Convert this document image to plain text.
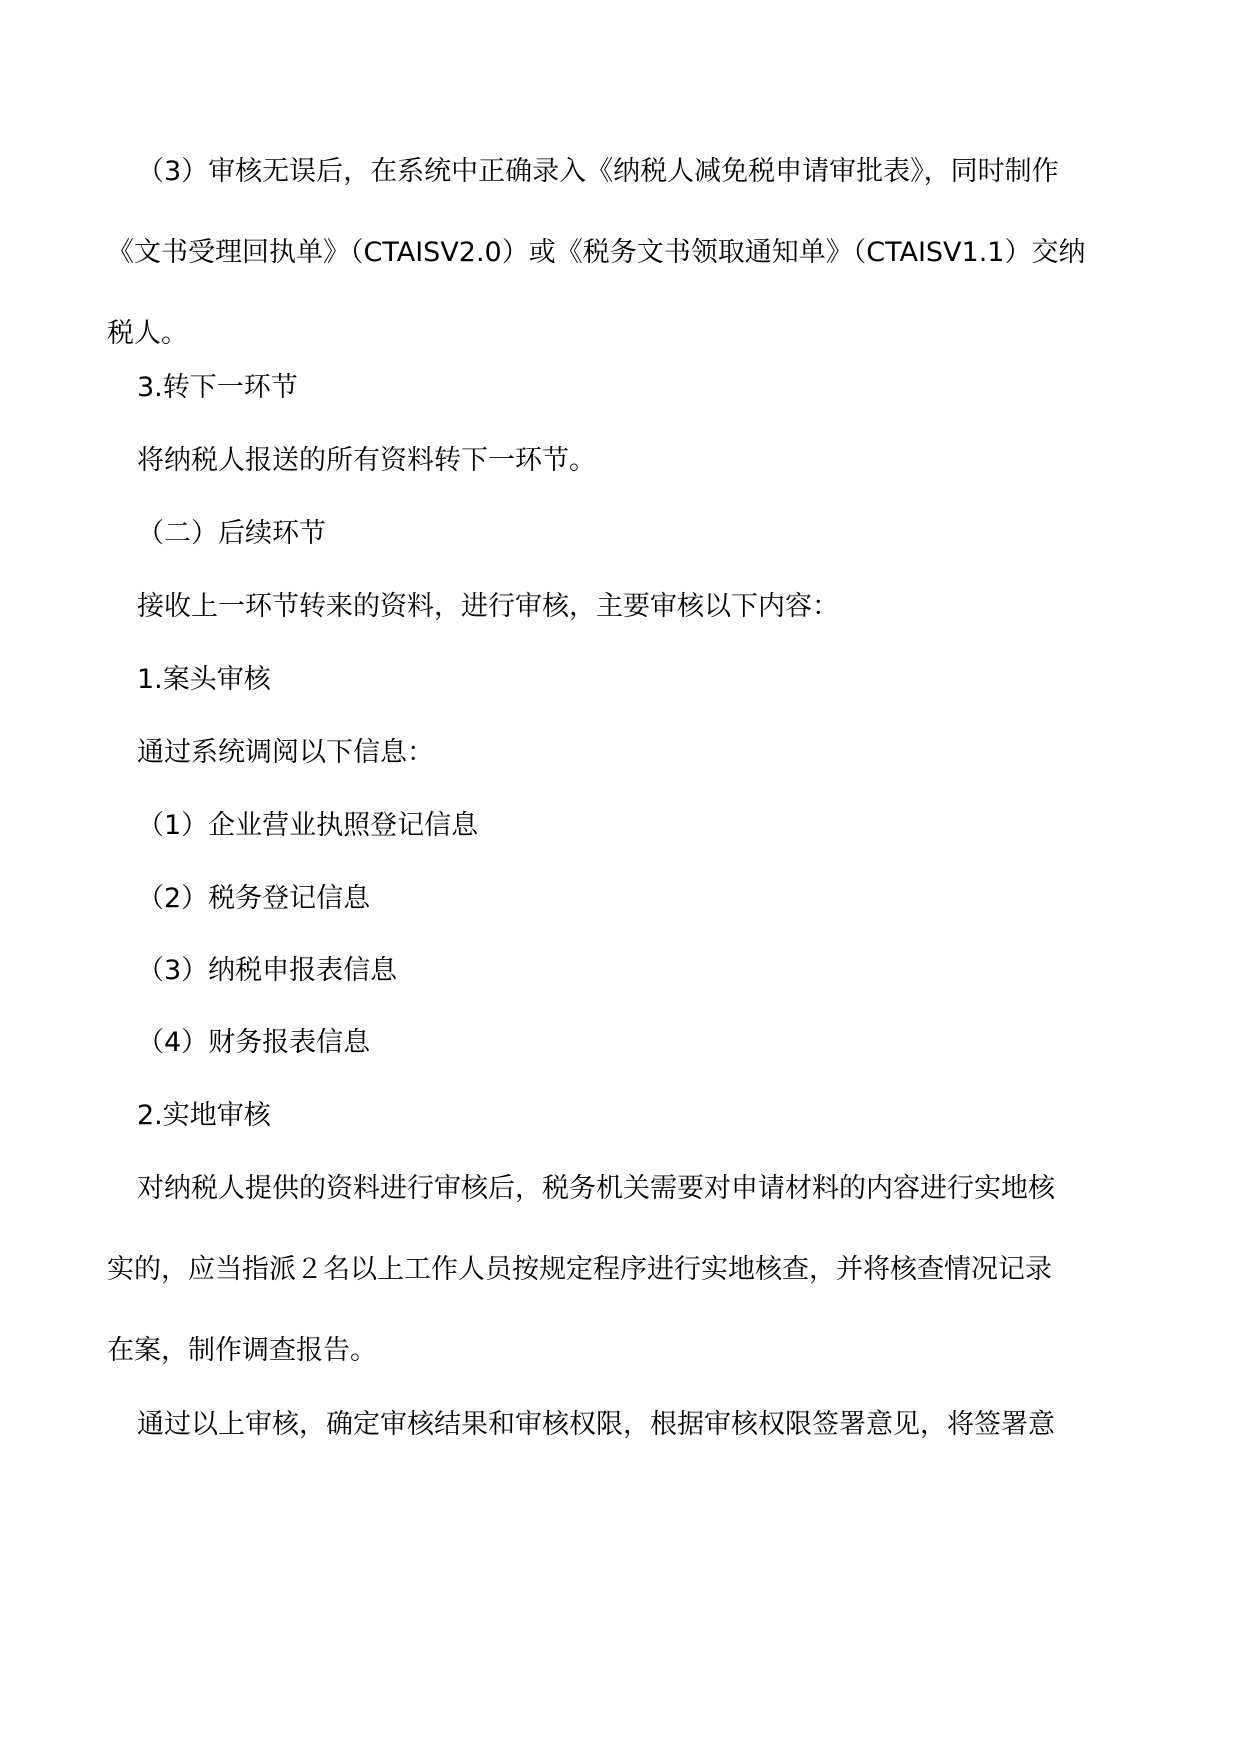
（3）审核无误后，在系统中正确录入《纳税人减免税申请审批表》，同时制作
《文书受理回执单》（CTAISV2.0）或《税务文书领取通知单》（CTAISV1.1）交纳
税人。

3.转下一环节

将纳税人报送的所有资料转下一环节。

（二）后续环节

接收上一环节转来的资料，进行审核，主要审核以下内容：

1.案头审核

通过系统调阅以下信息：

（1）企业营业执照登记信息

（2）税务登记信息

（3）纳税申报表信息

（4）财务报表信息

2.实地审核

对纳税人提供的资料进行审核后，税务机关需要对申请材料的内容进行实地核
实的，应当指派２名以上工作人员按规定程序进行实地核查，并将核查情况记录
在案，制作调查报告。
通过以上审核，确定审核结果和审核权限，根据审核权限签署意见，将签署意
